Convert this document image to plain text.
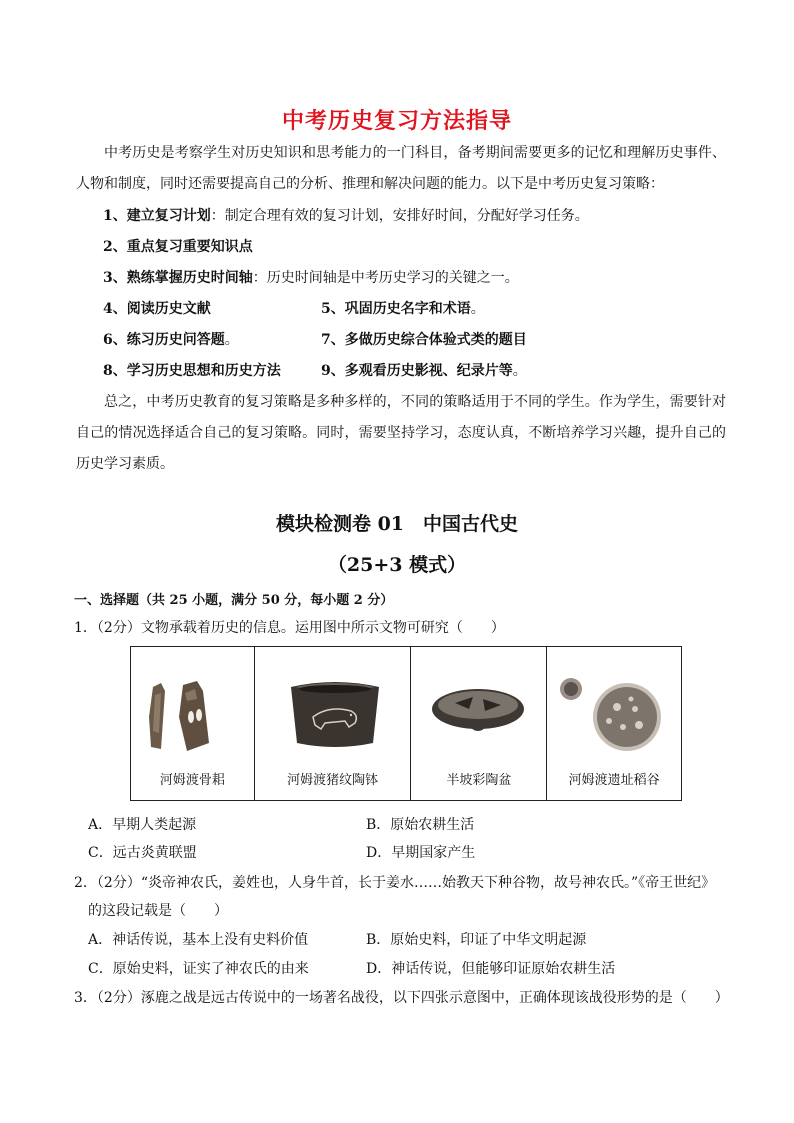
中考历史复习方法指导
中考历史是考察学生对历史知识和思考能力的一门科目，备考期间需要更多的记忆和理解历史事件、人物和制度，同时还需要提高自己的分析、推理和解决问题的能力。以下是中考历史复习策略：
1、建立复习计划：制定合理有效的复习计划，安排好时间，分配好学习任务。
2、重点复习重要知识点
3、熟练掌握历史时间轴：历史时间轴是中考历史学习的关键之一。
4、阅读历史文献	5、巩固历史名字和术语。
6、练习历史问答题。	7、多做历史综合体验式类的题目
8、学习历史思想和历史方法	9、多观看历史影视、纪录片等。
总之，中考历史教育的复习策略是多种多样的，不同的策略适用于不同的学生。作为学生，需要针对自己的情况选择适合自己的复习策略。同时，需要坚持学习，态度认真，不断培养学习兴趣，提升自己的历史学习素质。
模块检测卷 01　中国古代史
（25+3 模式）
一、选择题（共 25 小题，满分 50 分，每小题 2 分）
1．（2分）文物承载着历史的信息。运用图中所示文物可研究（　　）
河姆渡骨耜	河姆渡猪纹陶钵	半坡彩陶盆	河姆渡遗址稻谷
A．早期人类起源	B．原始农耕生活
C．远古炎黄联盟	D．早期国家产生
2．（2分）“炎帝神农氏，姜姓也，人身牛首，长于姜水……始教天下种谷物，故号神农氏。”《帝王世纪》
的这段记载是（　　）
A．神话传说，基本上没有史料价值	B．原始史料，印证了中华文明起源
C．原始史料，证实了神农氏的由来	D．神话传说，但能够印证原始农耕生活
3．（2分）涿鹿之战是远古传说中的一场著名战役，以下四张示意图中，正确体现该战役形势的是（　　）
